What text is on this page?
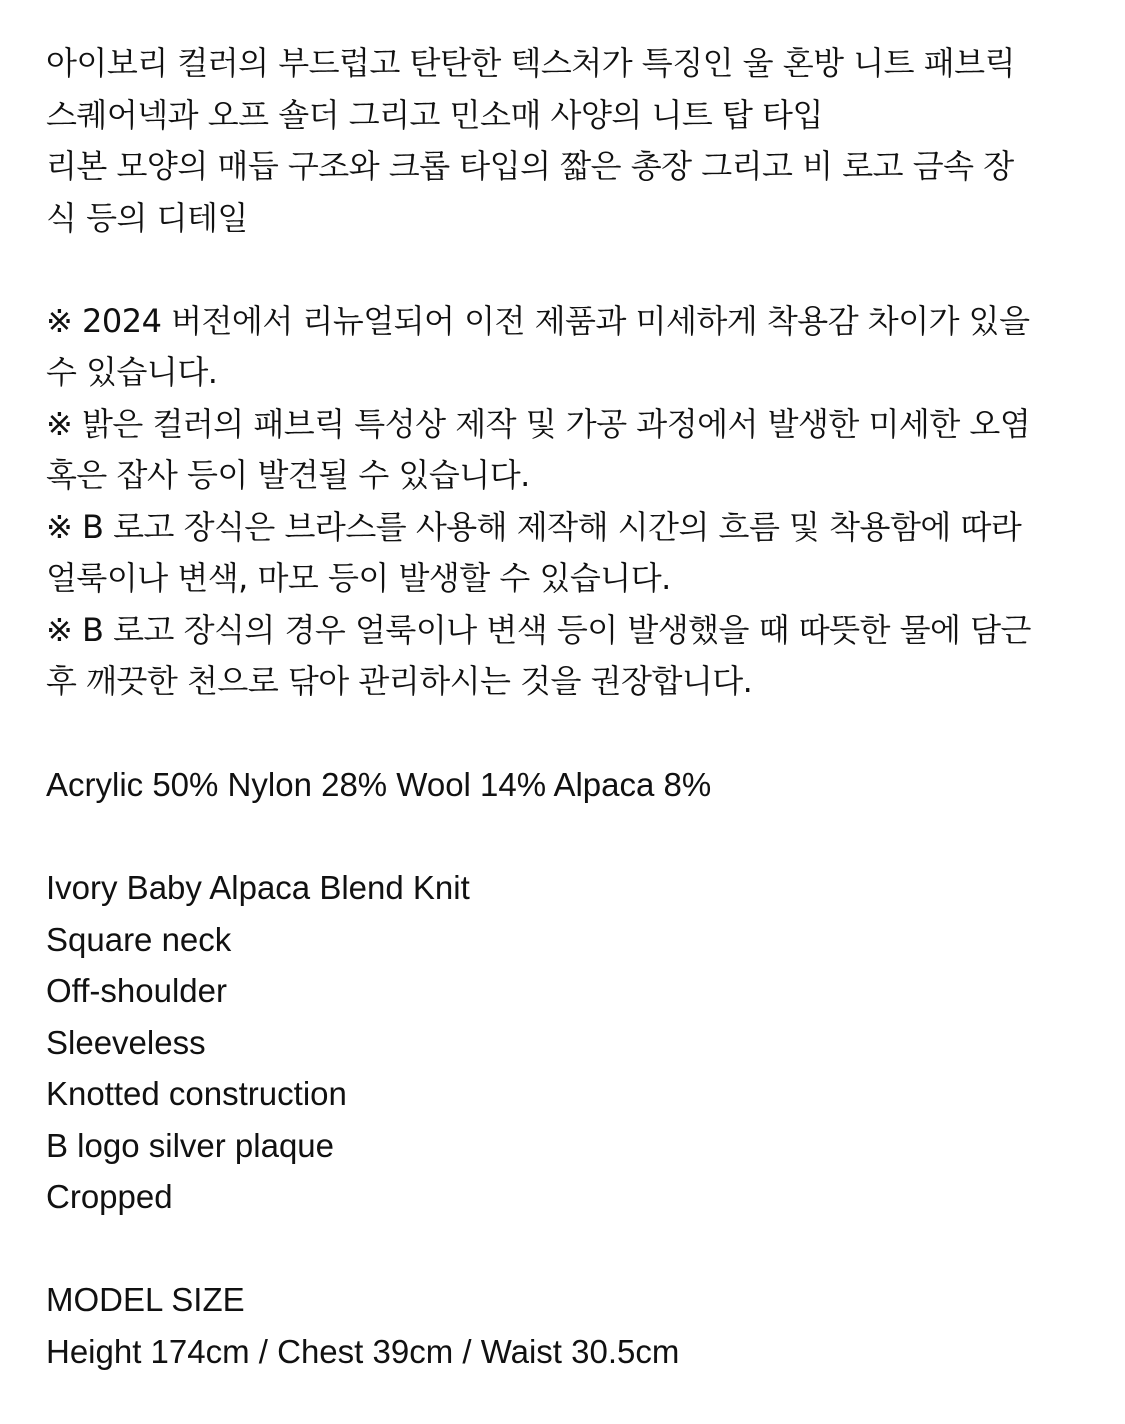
아이보리 컬러의 부드럽고 탄탄한 텍스처가 특징인 울 혼방 니트 패브릭
스퀘어넥과 오프 숄더 그리고 민소매 사양의 니트 탑 타입
리본 모양의 매듭 구조와 크롭 타입의 짧은 총장 그리고 비 로고 금속 장
식 등의 디테일
※ 2024 버전에서 리뉴얼되어 이전 제품과 미세하게 착용감 차이가 있을
수 있습니다.
※ 밝은 컬러의 패브릭 특성상 제작 및 가공 과정에서 발생한 미세한 오염
혹은 잡사 등이 발견될 수 있습니다.
※ B 로고 장식은 브라스를 사용해 제작해 시간의 흐름 및 착용함에 따라
얼룩이나 변색, 마모 등이 발생할 수 있습니다.
※ B 로고 장식의 경우 얼룩이나 변색 등이 발생했을 때 따뜻한 물에 담근
후 깨끗한 천으로 닦아 관리하시는 것을 권장합니다.
Acrylic 50% Nylon 28% Wool 14% Alpaca 8%
Ivory Baby Alpaca Blend Knit
Square neck
Off-shoulder
Sleeveless
Knotted construction
B logo silver plaque
Cropped
MODEL SIZE
Height 174cm / Chest 39cm / Waist 30.5cm
